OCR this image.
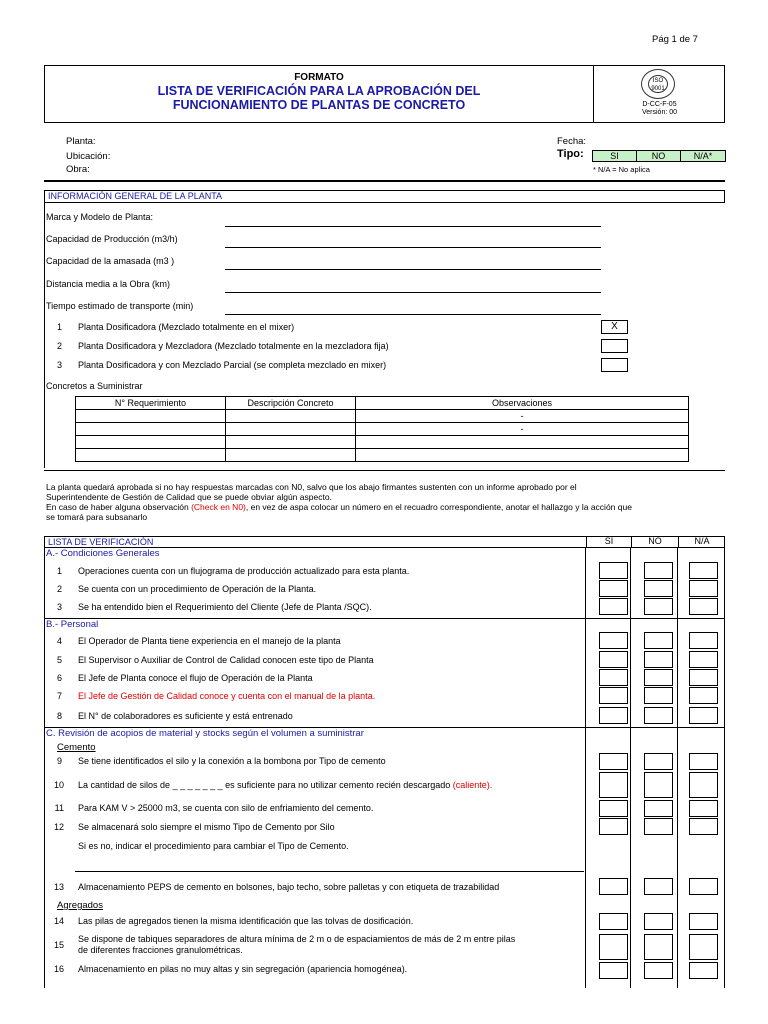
Pág 1 de 7
FORMATO
LISTA DE VERIFICACIÓN PARA LA APROBACIÓN DEL
FUNCIONAMIENTO DE PLANTAS DE CONCRETO
ISO 9001
D-CC-F-05
Versión: 00
Planta:
Ubicación:
Obra:
Fecha:
Tipo:	SI	NO	N/A*
* N/A = No aplica
INFORMACIÓN GENERAL DE LA PLANTA
Marca y Modelo de Planta:
Capacidad de Producción (m3/h)
Capacidad de la amasada (m3 )
Distancia media a la Obra (km)
Tiempo estimado de transporte (min)
1 Planta Dosificadora (Mezclado totalmente en el mixer)	X
2 Planta Dosificadora y Mezcladora (Mezclado totalmente en la mezcladora fija)
3 Planta Dosificadora y con Mezclado Parcial (se completa mezclado en mixer)
Concretos a Suministrar
N° Requerimiento	Descripción Concreto	Observaciones
		-
		-

La planta quedará aprobada si no hay respuestas marcadas con N0, salvo que los abajo firmantes sustenten con un informe aprobado por el
Superintendente de Gestión de Calidad que se puede obviar algún aspecto.
En caso de haber alguna observación (Check en N0), en vez de aspa colocar un número en el recuadro correspondiente, anotar el hallazgo y la acción que
se tomará para subsanarlo
LISTA DE VERIFICACIÓN	SI	NO	N/A
A.- Condiciones Generales
1 Operaciones cuenta con un flujograma de producción actualizado para esta planta.
2 Se cuenta con un procedimiento de Operación de la Planta.
3 Se ha entendido bien el Requerimiento del Cliente (Jefe de Planta /SQC).
B.- Personal
4 El Operador de Planta tiene experiencia en el manejo de la planta
5 El Supervisor o Auxiliar de Control de Calidad conocen este tipo de Planta
6 El Jefe de Planta conoce el flujo de Operación de la Planta
7 El Jefe de Gestión de Calidad conoce y cuenta con el manual de la planta.
8 El N° de colaboradores es suficiente y está entrenado
C. Revisión de acopios de material y stocks según el volumen a suministrar
Cemento
9 Se tiene identificados el silo y la conexión a la bombona por Tipo de cemento
10 La cantidad de silos de _ _ _ _ _ _ _ es suficiente para no utilizar cemento recién descargado (caliente).
11 Para KAM V > 25000 m3, se cuenta con silo de enfriamiento del cemento.
12 Se almacenará solo siempre el mismo Tipo de Cemento por Silo
Si es no, indicar el procedimiento para cambiar el Tipo de Cemento.
13 Almacenamiento PEPS de cemento en bolsones, bajo techo, sobre palletas y con etiqueta de trazabilidad
Agregados
14 Las pilas de agregados tienen la misma identificación que las tolvas de dosificación.
15
Se dispone de tabiques separadores de altura mínima de 2 m o de espaciamientos de más de 2 m entre pilas
de diferentes fracciones granulométricas.
16 Almacenamiento en pilas no muy altas y sin segregación (apariencia homogénea).
